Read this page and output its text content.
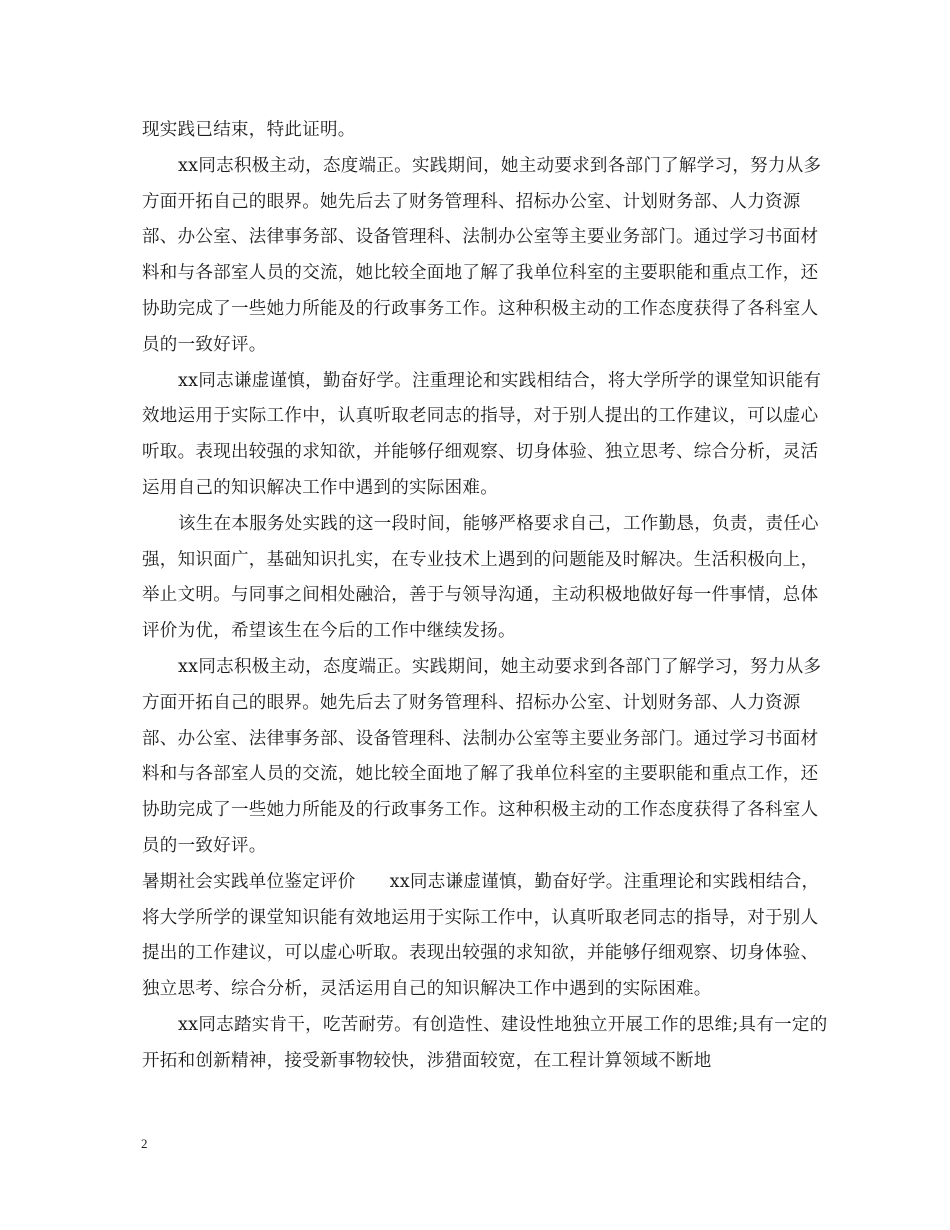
现实践已结束，特此证明。

xx同志积极主动，态度端正。实践期间，她主动要求到各部门了解学习，努力从多方面开拓自己的眼界。她先后去了财务管理科、招标办公室、计划财务部、人力资源部、办公室、法律事务部、设备管理科、法制办公室等主要业务部门。通过学习书面材料和与各部室人员的交流，她比较全面地了解了我单位科室的主要职能和重点工作，还协助完成了一些她力所能及的行政事务工作。这种积极主动的工作态度获得了各科室人员的一致好评。

xx同志谦虚谨慎，勤奋好学。注重理论和实践相结合，将大学所学的课堂知识能有效地运用于实际工作中，认真听取老同志的指导，对于别人提出的工作建议，可以虚心听取。表现出较强的求知欲，并能够仔细观察、切身体验、独立思考、综合分析，灵活运用自己的知识解决工作中遇到的实际困难。

该生在本服务处实践的这一段时间，能够严格要求自己，工作勤恳，负责，责任心强，知识面广，基础知识扎实，在专业技术上遇到的问题能及时解决。生活积极向上，举止文明。与同事之间相处融洽，善于与领导沟通，主动积极地做好每一件事情，总体评价为优，希望该生在今后的工作中继续发扬。

xx同志积极主动，态度端正。实践期间，她主动要求到各部门了解学习，努力从多方面开拓自己的眼界。她先后去了财务管理科、招标办公室、计划财务部、人力资源部、办公室、法律事务部、设备管理科、法制办公室等主要业务部门。通过学习书面材料和与各部室人员的交流，她比较全面地了解了我单位科室的主要职能和重点工作，还协助完成了一些她力所能及的行政事务工作。这种积极主动的工作态度获得了各科室人员的一致好评。

暑期社会实践单位鉴定评价 xx同志谦虚谨慎，勤奋好学。注重理论和实践相结合，将大学所学的课堂知识能有效地运用于实际工作中，认真听取老同志的指导，对于别人提出的工作建议，可以虚心听取。表现出较强的求知欲，并能够仔细观察、切身体验、独立思考、综合分析，灵活运用自己的知识解决工作中遇到的实际困难。

xx同志踏实肯干，吃苦耐劳。有创造性、建设性地独立开展工作的思维;具有一定的开拓和创新精神，接受新事物较快，涉猎面较宽，在工程计算领域不断地

2
